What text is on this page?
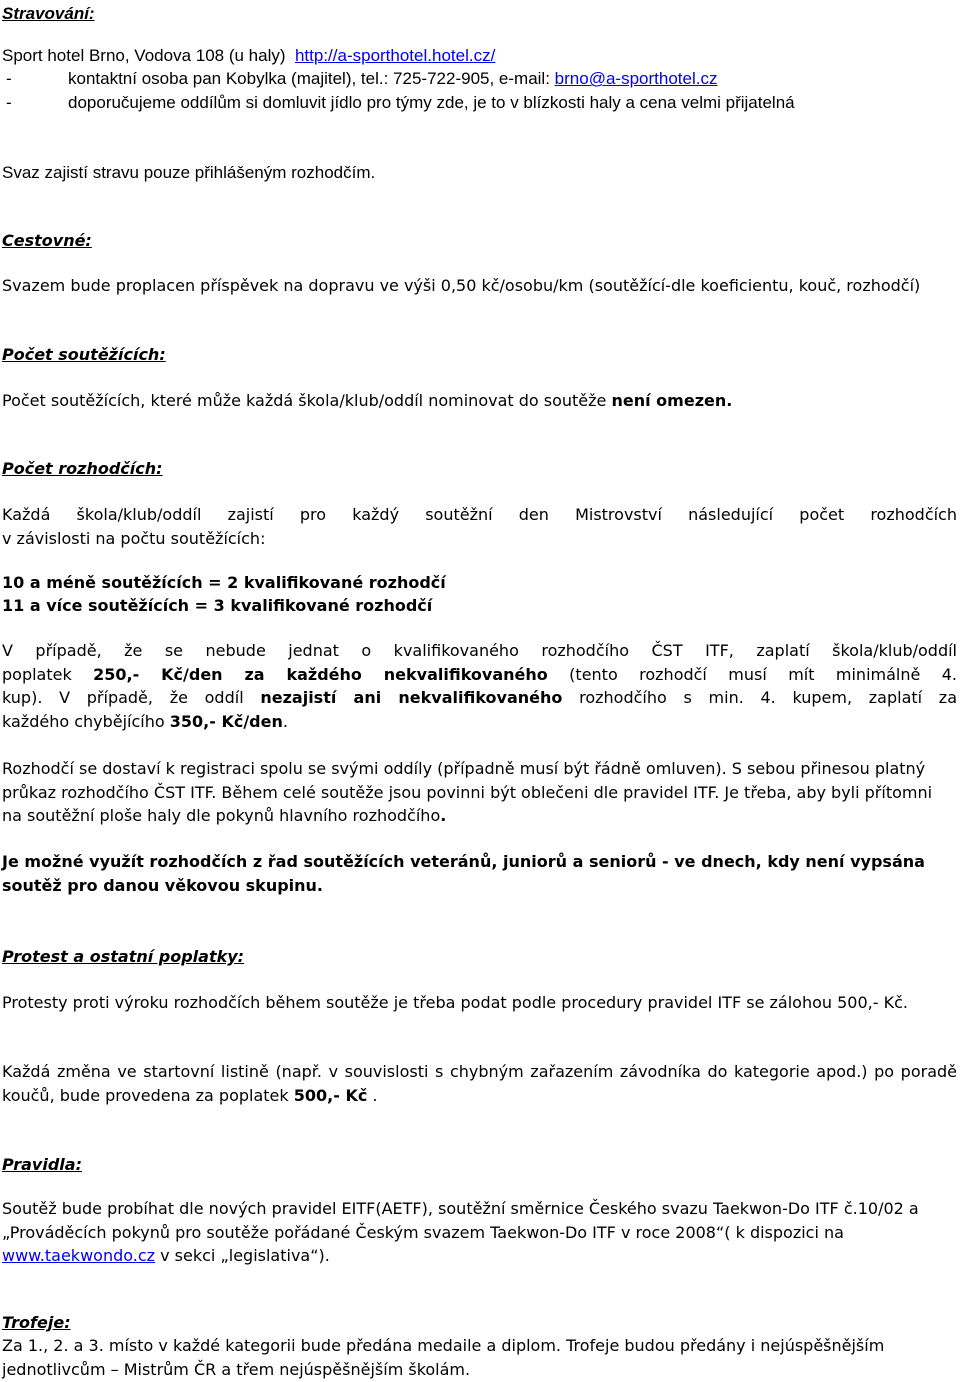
Stravování:
Sport hotel Brno, Vodova 108 (u haly) http://a-sporthotel.hotel.cz/
-	kontaktní osoba pan Kobylka (majitel), tel.: 725-722-905, e-mail: brno@a-sporthotel.cz
-	doporučujeme oddílům si domluvit jídlo pro týmy zde, je to v blízkosti haly a cena velmi přijatelná
Svaz zajistí stravu pouze přihlášeným rozhodčím.
Cestovné:
Svazem bude proplacen příspěvek na dopravu ve výši 0,50 kč/osobu/km (soutěžící-dle koeficientu, kouč, rozhodčí)
Počet soutěžících:
Počet soutěžících, které může každá škola/klub/oddíl nominovat do soutěže není omezen.
Počet rozhodčích:
Každá škola/klub/oddíl zajistí pro každý soutěžní den Mistrovství následující počet rozhodčích
v závislosti na počtu soutěžících:
10 a méně soutěžících = 2 kvalifikované rozhodčí
11 a více soutěžících = 3 kvalifikované rozhodčí
V případě, že se nebude jednat o kvalifikovaného rozhodčího ČST ITF, zaplatí škola/klub/oddíl
poplatek 250,- Kč/den za každého nekvalifikovaného (tento rozhodčí musí mít minimálně 4.
kup). V případě, že oddíl nezajistí ani nekvalifikovaného rozhodčího s min. 4. kupem, zaplatí za
každého chybějícího 350,- Kč/den.
Rozhodčí se dostaví k registraci spolu se svými oddíly (případně musí být řádně omluven). S sebou přinesou platný průkaz rozhodčího ČST ITF. Během celé soutěže jsou povinni být oblečeni dle pravidel ITF. Je třeba, aby byli přítomni na soutěžní ploše haly dle pokynů hlavního rozhodčího.
Je možné využít rozhodčích z řad soutěžících veteránů, juniorů a seniorů - ve dnech, kdy není vypsána soutěž pro danou věkovou skupinu.
Protest a ostatní poplatky:
Protesty proti výroku rozhodčích během soutěže je třeba podat podle procedury pravidel ITF se zálohou 500,- Kč.
Každá změna ve startovní listině (např. v souvislosti s chybným zařazením závodníka do kategorie apod.) po poradě koučů, bude provedena za poplatek 500,- Kč .
Pravidla:
Soutěž bude probíhat dle nových pravidel EITF(AETF), soutěžní směrnice Českého svazu Taekwon-Do ITF č.10/02 a „Prováděcích pokynů pro soutěže pořádané Českým svazem Taekwon-Do ITF v roce 2008“( k dispozici na www.taekwondo.cz v sekci „legislativa“).
Trofeje:
Za 1., 2. a 3. místo v každé kategorii bude předána medaile a diplom. Trofeje budou předány i nejúspěšnějším jednotlivcům – Mistrům ČR a třem nejúspěšnějším školám.
